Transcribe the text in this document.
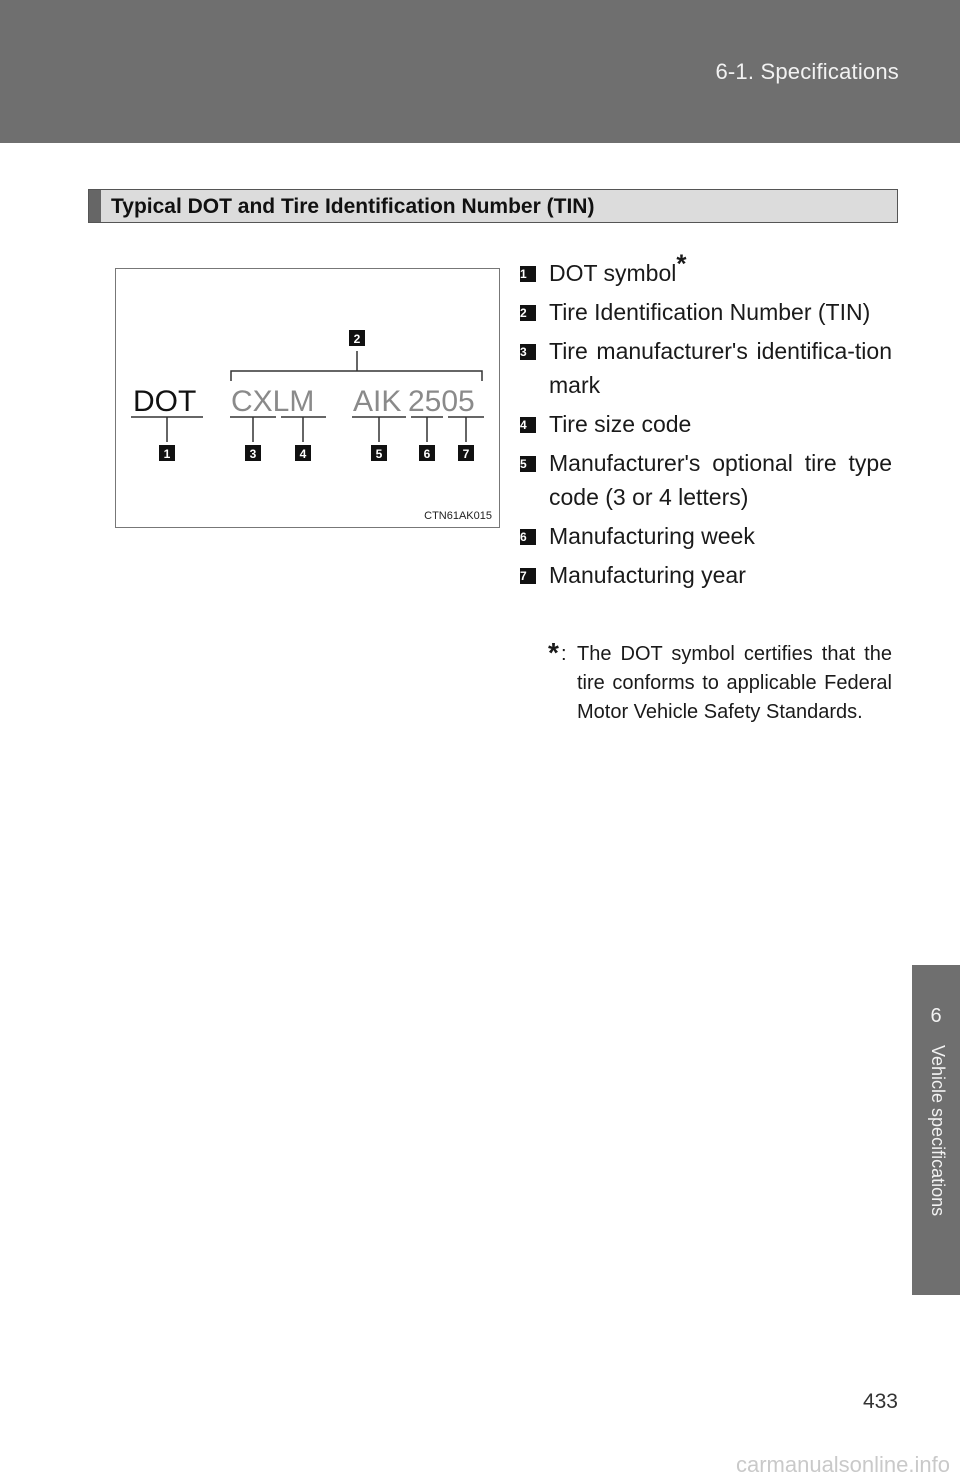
6-1. Specifications
6
Vehicle specifications
Typical DOT and Tire Identification Number (TIN)
2
DOT CXLM AIK 2505
1	3	4	5	6	7
CTN61AK015
1 DOT symbol*
2 Tire Identification Number (TIN)
3 Tire manufacturer's identifica-tion mark
4 Tire size code
5 Manufacturer's optional tire type code (3 or 4 letters)
6 Manufacturing week
7 Manufacturing year
* : The DOT symbol certifies that the tire conforms to applicable Federal Motor Vehicle Safety Standards.
433
carmanualsonline.info
